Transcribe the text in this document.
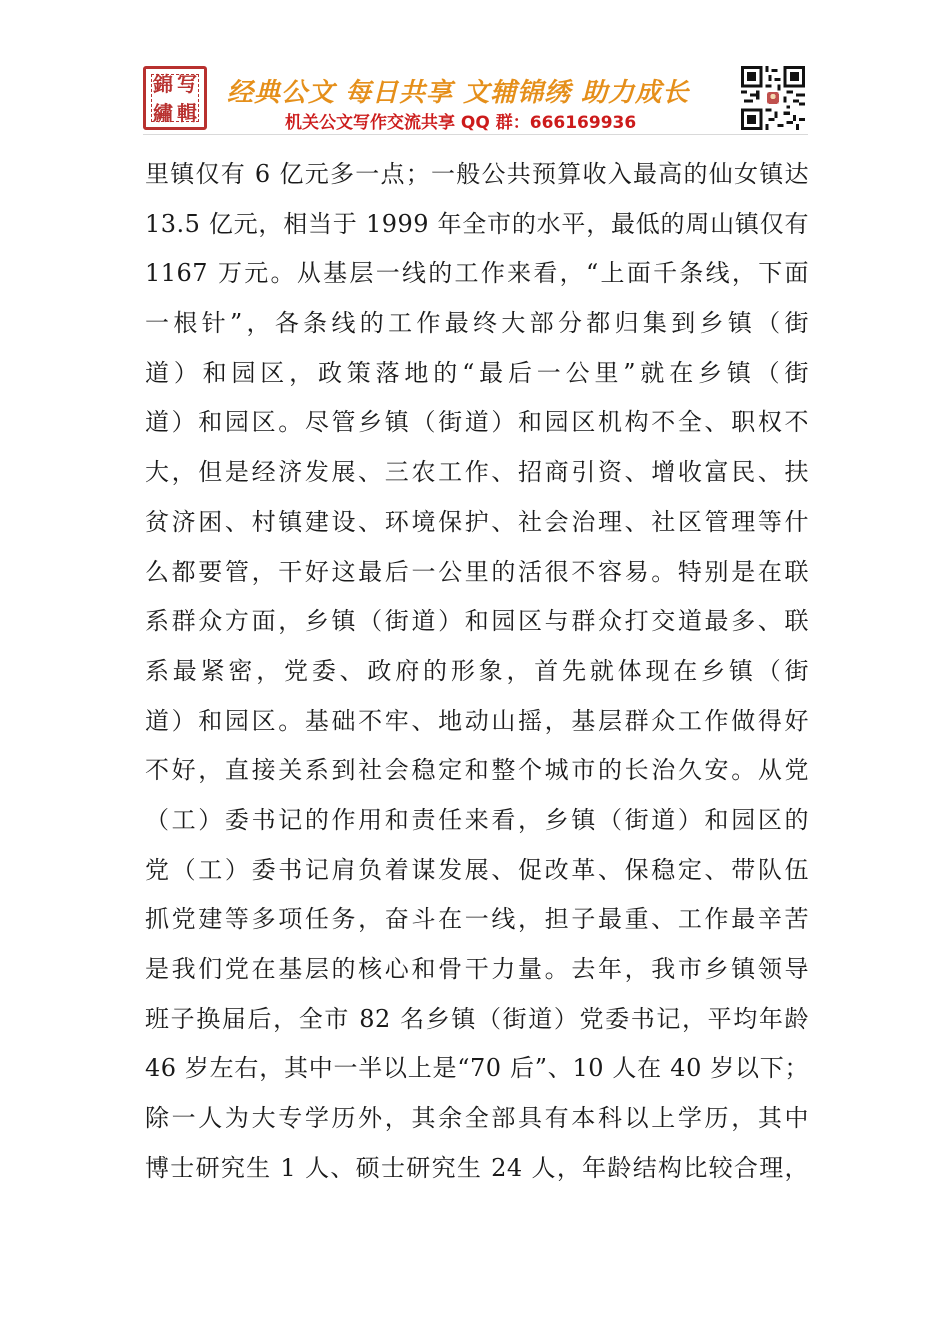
錦 写
繡 輯
经典公文 每日共享 文辅锦绣 助力成长
机关公文写作交流共享 QQ 群：666169936
里镇仅有 6 亿元多一点；一般公共预算收入最高的仙女镇达
13.5 亿元，相当于 1999 年全市的水平，最低的周山镇仅有
1167 万元。从基层一线的工作来看，“上面千条线，下面
一根针”，各条线的工作最终大部分都归集到乡镇（街
道）和园区，政策落地的“最后一公里”就在乡镇（街
道）和园区。尽管乡镇（街道）和园区机构不全、职权不
大，但是经济发展、三农工作、招商引资、增收富民、扶
贫济困、村镇建设、环境保护、社会治理、社区管理等什
么都要管，干好这最后一公里的活很不容易。特别是在联
系群众方面，乡镇（街道）和园区与群众打交道最多、联
系最紧密，党委、政府的形象，首先就体现在乡镇（街
道）和园区。基础不牢、地动山摇，基层群众工作做得好
不好，直接关系到社会稳定和整个城市的长治久安。从党
（工）委书记的作用和责任来看，乡镇（街道）和园区的
党（工）委书记肩负着谋发展、促改革、保稳定、带队伍
抓党建等多项任务，奋斗在一线，担子最重、工作最辛苦
是我们党在基层的核心和骨干力量。去年，我市乡镇领导
班子换届后，全市 82 名乡镇（街道）党委书记，平均年龄
46 岁左右，其中一半以上是“70 后”、10 人在 40 岁以下；
除一人为大专学历外，其余全部具有本科以上学历，其中
博士研究生 1 人、硕士研究生 24 人，年龄结构比较合理，
